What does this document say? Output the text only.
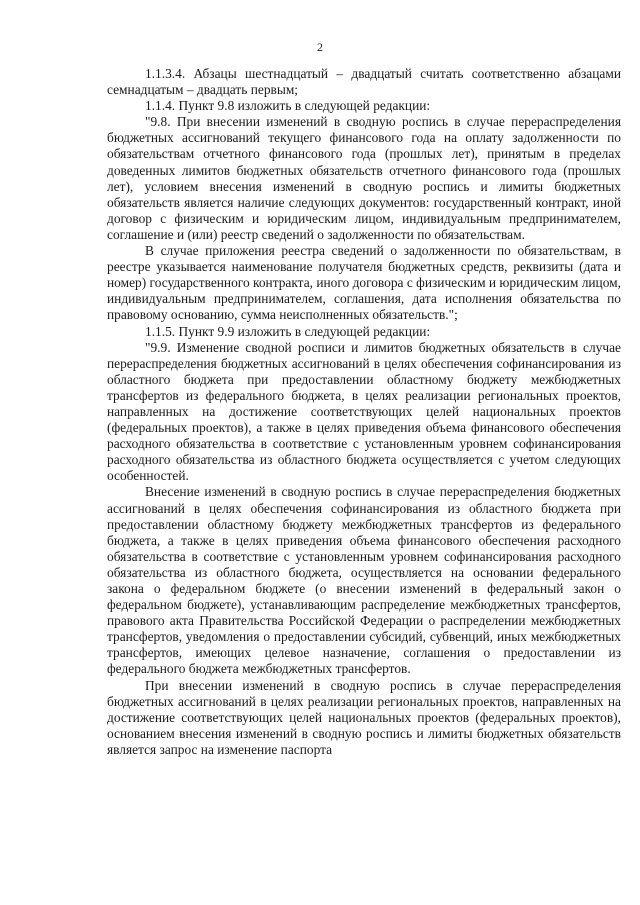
2

1.1.3.4. Абзацы шестнадцатый – двадцатый считать соответственно абзацами семнадцатым – двадцать первым;

1.1.4. Пункт 9.8 изложить в следующей редакции:

"9.8. При внесении изменений в сводную роспись в случае перераспределения бюджетных ассигнований текущего финансового года на оплату задолженности по обязательствам отчетного финансового года (прошлых лет), принятым в пределах доведенных лимитов бюджетных обязательств отчетного финансового года (прошлых лет), условием внесения изменений в сводную роспись и лимиты бюджетных обязательств является наличие следующих документов: государственный контракт, иной договор с физическим и юридическим лицом, индивидуальным предпринимателем, соглашение и (или) реестр сведений о задолженности по обязательствам.

В случае приложения реестра сведений о задолженности по обязательствам, в реестре указывается наименование получателя бюджетных средств, реквизиты (дата и номер) государственного контракта, иного договора с физическим и юридическим лицом, индивидуальным предпринимателем, соглашения, дата исполнения обязательства по правовому основанию, сумма неисполненных обязательств.";

1.1.5. Пункт 9.9 изложить в следующей редакции:

"9.9. Изменение сводной росписи и лимитов бюджетных обязательств в случае перераспределения бюджетных ассигнований в целях обеспечения софинансирования из областного бюджета при предоставлении областному бюджету межбюджетных трансфертов из федерального бюджета, в целях реализации региональных проектов, направленных на достижение соответствующих целей национальных проектов (федеральных проектов), а также в целях приведения объема финансового обеспечения расходного обязательства в соответствие с установленным уровнем софинансирования расходного обязательства из областного бюджета осуществляется с учетом следующих особенностей.

Внесение изменений в сводную роспись в случае перераспределения бюджетных ассигнований в целях обеспечения софинансирования из областного бюджета при предоставлении областному бюджету межбюджетных трансфертов из федерального бюджета, а также в целях приведения объема финансового обеспечения расходного обязательства в соответствие с установленным уровнем софинансирования расходного обязательства из областного бюджета, осуществляется на основании федерального закона о федеральном бюджете (о внесении изменений в федеральный закон о федеральном бюджете), устанавливающим распределение межбюджетных трансфертов, правового акта Правительства Российской Федерации о распределении межбюджетных трансфертов, уведомления о предоставлении субсидий, субвенций, иных межбюджетных трансфертов, имеющих целевое назначение, соглашения о предоставлении из федерального бюджета межбюджетных трансфертов.

При внесении изменений в сводную роспись в случае перераспределения бюджетных ассигнований в целях реализации региональных проектов, направленных на достижение соответствующих целей национальных проектов (федеральных проектов), основанием внесения изменений в сводную роспись и лимиты бюджетных обязательств является запрос на изменение паспорта
